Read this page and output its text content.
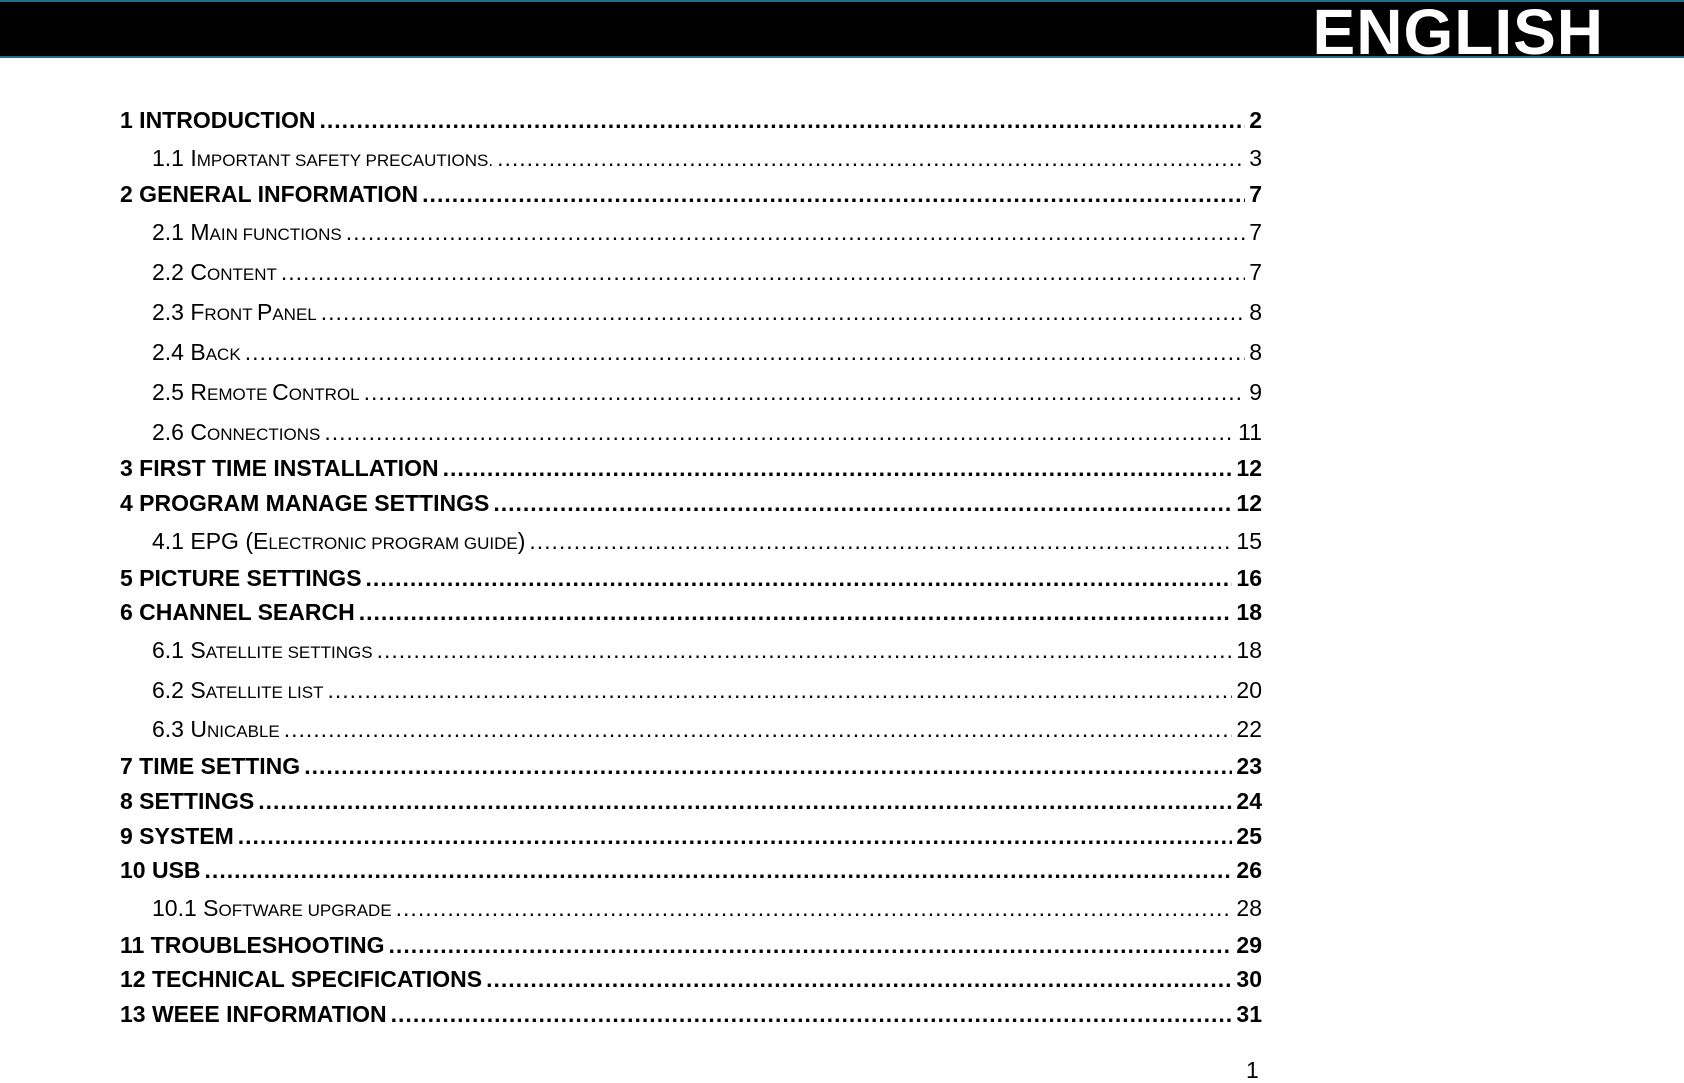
ENGLISH
1 INTRODUCTION .....	2
1.1 IMPORTANT SAFETY PRECAUTIONS. .....	3
2 GENERAL INFORMATION .....	7
2.1 MAIN FUNCTIONS .....	7
2.2 CONTENT .....	7
2.3 FRONT PANEL .....	8
2.4 BACK .....	8
2.5 REMOTE CONTROL .....	9
2.6 CONNECTIONS .....	11
3 FIRST TIME INSTALLATION .....	12
4 PROGRAM MANAGE SETTINGS .....	12
4.1 EPG (ELECTRONIC PROGRAM GUIDE) .....	15
5 PICTURE SETTINGS .....	16
6 CHANNEL SEARCH .....	18
6.1 SATELLITE SETTINGS .....	18
6.2 SATELLITE LIST .....	20
6.3 UNICABLE .....	22
7 TIME SETTING .....	23
8 SETTINGS .....	24
9 SYSTEM .....	25
10 USB .....	26
10.1 SOFTWARE UPGRADE .....	28
11 TROUBLESHOOTING .....	29
12 TECHNICAL SPECIFICATIONS .....	30
13 WEEE INFORMATION .....	31
1
